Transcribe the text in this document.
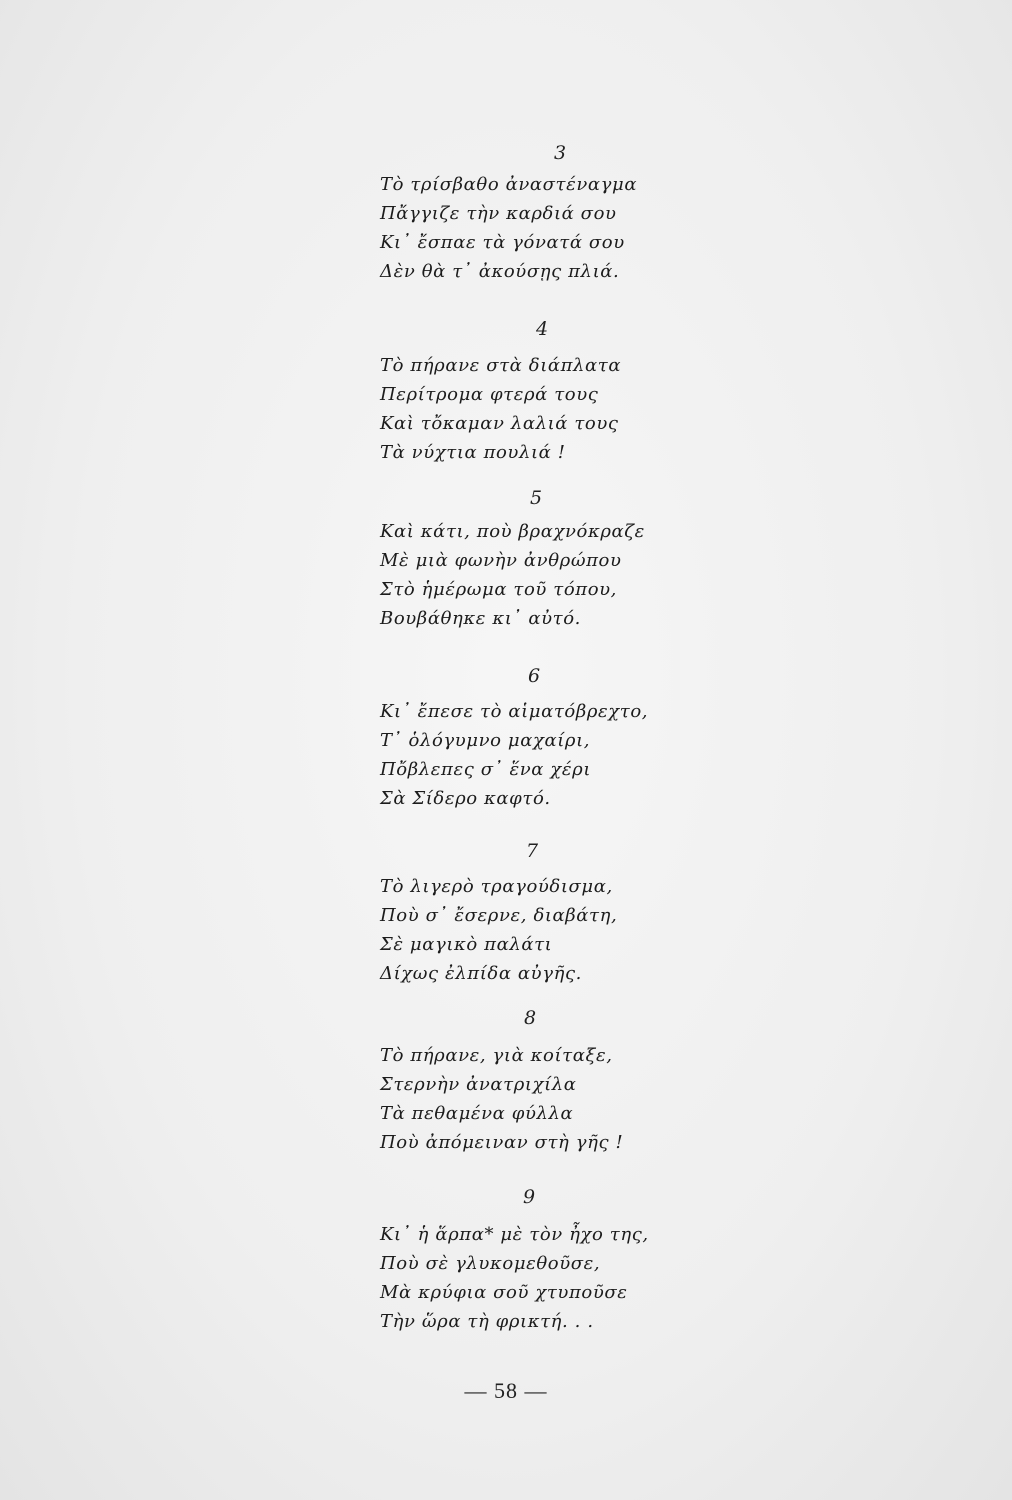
3
Τὸ τρίσβαθο ἀναστέναγμα
Πἄγγιζε τὴν καρδιά σου
Κι᾽ ἔσπαε τὰ γόνατά σου
Δὲν θὰ τ᾽ ἀκούσῃς πλιά.
4
Τὸ πήρανε στὰ διάπλατα
Περίτρομα φτερά τους
Καὶ τὄκαμαν λαλιά τους
Τὰ νύχτια πουλιά !
5
Καὶ κάτι, ποὺ βραχνόκραζε
Μὲ μιὰ φωνὴν ἀνθρώπου
Στὸ ἡμέρωμα τοῦ τόπου,
Βουβάθηκε κι᾽ αὐτό.
6
Κι᾽ ἔπεσε τὸ αἱματόβρεχτο,
Τ᾽ ὁλόγυμνο μαχαίρι,
Πὄβλεπες σ᾽ ἕνα χέρι
Σὰ Σίδερο καφτό.
7
Τὸ λιγερὸ τραγούδισμα,
Ποὺ σ᾽ ἔσερνε, διαβάτη,
Σὲ μαγικὸ παλάτι
Δίχως ἐλπίδα αὐγῆς.
8
Τὸ πήρανε, γιὰ κοίταξε,
Στερνὴν ἀνατριχίλα
Τὰ πεθαμένα φύλλα
Ποὺ ἀπόμειναν στὴ γῆς !
9
Κι᾽ ἡ ἅρπα* μὲ τὸν ἦχο της,
Ποὺ σὲ γλυκομεθοῦσε,
Μὰ κρύφια σοῦ χτυποῦσε
Τὴν ὥρα τὴ φρικτή. . .
— 58 —
